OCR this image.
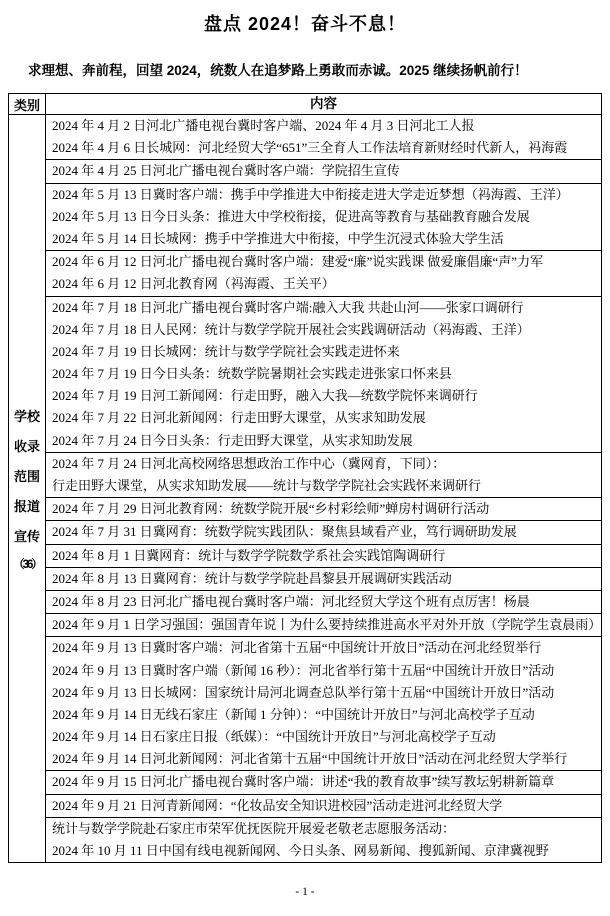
盘点 2024！奋斗不息！
求理想、奔前程，回望 2024，统数人在追梦路上勇敢而赤诚。2025 继续扬帆前行！
类别	内容
学校
收录
范围
报道
宣传
（36）
2024 年 4 月 2 日河北广播电视台冀时客户端、2024 年 4 月 3 日河北工人报
2024 年 4 月 6 日长城网：河北经贸大学“651”三全育人工作法培育新财经时代新人，祃海霞
2024 年 4 月 25 日河北广播电视台冀时客户端：学院招生宣传
2024 年 5 月 13 日冀时客户端：携手中学推进大中衔接走进大学走近梦想（祃海霞、王洋）
2024 年 5 月 13 日今日头条：推进大中学校衔接，促进高等教育与基础教育融合发展
2024 年 5 月 14 日长城网：携手中学推进大中衔接，中学生沉浸式体验大学生活
2024 年 6 月 12 日河北广播电视台冀时客户端：建爱“廉”说实践课 做爱廉倡廉“声”力军
2024 年 6 月 12 日河北教育网（祃海霞、王关平）
2024 年 7 月 18 日河北广播电视台冀时客户端:融入大我 共赴山河——张家口调研行
2024 年 7 月 18 日人民网：统计与数学学院开展社会实践调研活动（祃海霞、王洋）
2024 年 7 月 19 日长城网：统计与数学学院社会实践走进怀来
2024 年 7 月 19 日今日头条：统数学院暑期社会实践走进张家口怀来县
2024 年 7 月 19 日河工新闻网：行走田野，融入大我—统数学院怀来调研行
2024 年 7 月 22 日河北新闻网：行走田野大课堂，从实求知助发展
2024 年 7 月 24 日今日头条：行走田野大课堂，从实求知助发展
2024 年 7 月 24 日河北高校网络思想政治工作中心（冀网育，下同）：
行走田野大课堂，从实求知助发展——统计与数学学院社会实践怀来调研行
2024 年 7 月 29 日河北教育网：统数学院开展“乡村彩绘师”蝉房村调研行活动
2024 年 7 月 31 日冀网育：统数学院实践团队：聚焦县域看产业，笃行调研助发展
2024 年 8 月 1 日冀网育：统计与数学学院数学系社会实践馆陶调研行
2024 年 8 月 13 日冀网育：统计与数学学院赴昌黎县开展调研实践活动
2024 年 8 月 23 日河北广播电视台冀时客户端：河北经贸大学这个班有点厉害！杨晨
2024 年 9 月 1 日学习强国：强国青年说丨为什么要持续推进高水平对外开放（学院学生袁晨雨）
2024 年 9 月 13 日冀时客户端：河北省第十五届“中国统计开放日”活动在河北经贸举行
2024 年 9 月 13 日冀时客户端（新闻 16 秒）：河北省举行第十五届“中国统计开放日”活动
2024 年 9 月 13 日长城网：国家统计局河北调查总队举行第十五届“中国统计开放日”活动
2024 年 9 月 14 日无线石家庄（新闻 1 分钟）：“中国统计开放日”与河北高校学子互动
2024 年 9 月 14 日石家庄日报（纸媒）：“中国统计开放日”与河北高校学子互动
2024 年 9 月 14 日河北新闻网：河北省第十五届“中国统计开放日”活动在河北经贸大学举行
2024 年 9 月 15 日河北广播电视台冀时客户端：讲述“我的教育故事”续写教坛躬耕新篇章
2024 年 9 月 21 日河青新闻网：“化妆品安全知识进校园”活动走进河北经贸大学
统计与数学学院赴石家庄市荣军优抚医院开展爱老敬老志愿服务活动：
2024 年 10 月 11 日中国有线电视新闻网、今日头条、网易新闻、搜狐新闻、京津冀视野
- 1 -
